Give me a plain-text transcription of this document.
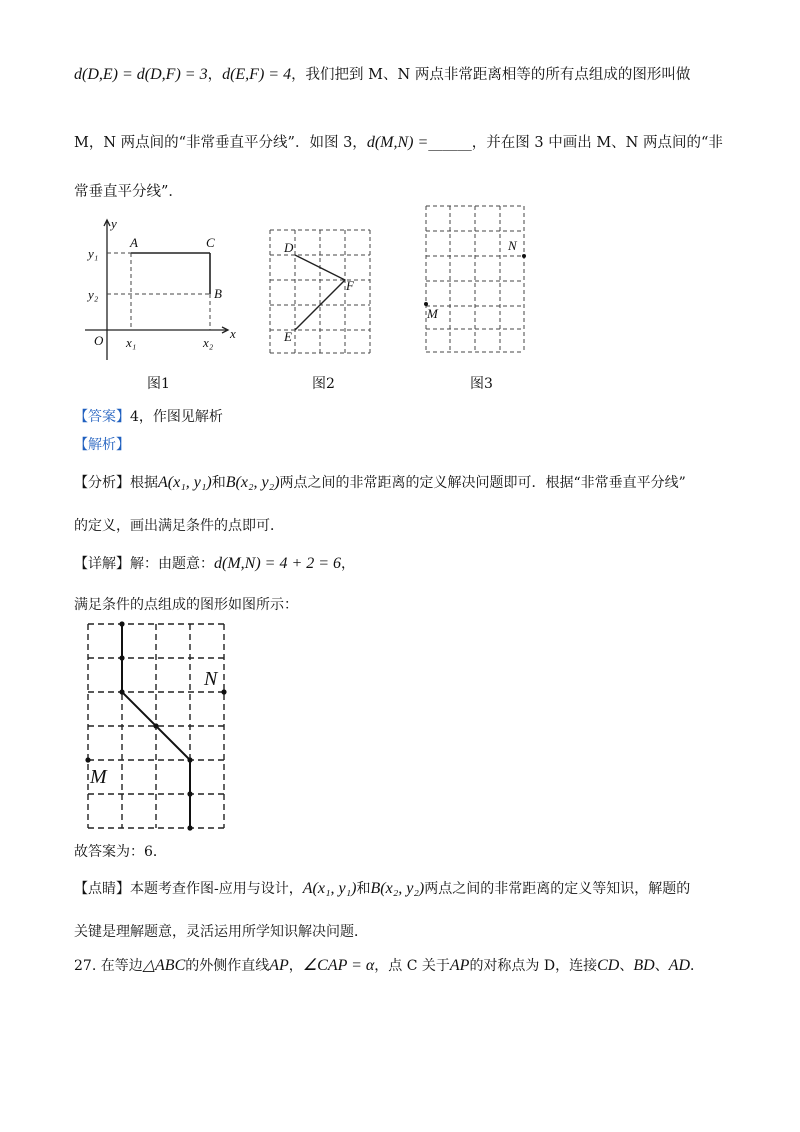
d(D,E) = d(D,F) = 3，d(E,F) = 4，我们把到 M、N 两点非常距离相等的所有点组成的图形叫做
M，N 两点间的“非常垂直平分线”．如图 3，d(M,N) =______，并在图 3 中画出 M、N 两点间的“非
常垂直平分线”．
y
x
O
A	C
B
y₁
y₂
x₁	x₂
图1
D
E
F
图2
N
M
图3
【答案】4，作图见解析
【解析】
【分析】根据A(x₁, y₁)和B(x₂, y₂)两点之间的非常距离的定义解决问题即可．根据“非常垂直平分线”
的定义，画出满足条件的点即可．
【详解】解：由题意：d(M,N) = 4 + 2 = 6，
满足条件的点组成的图形如图所示：
N
M
故答案为：6．
【点睛】本题考查作图-应用与设计，A(x₁, y₁)和B(x₂, y₂)两点之间的非常距离的定义等知识，解题的
关键是理解题意，灵活运用所学知识解决问题．
27. 在等边△ABC的外侧作直线AP，∠CAP = α，点 C 关于AP的对称点为 D，连接CD、BD、AD．
